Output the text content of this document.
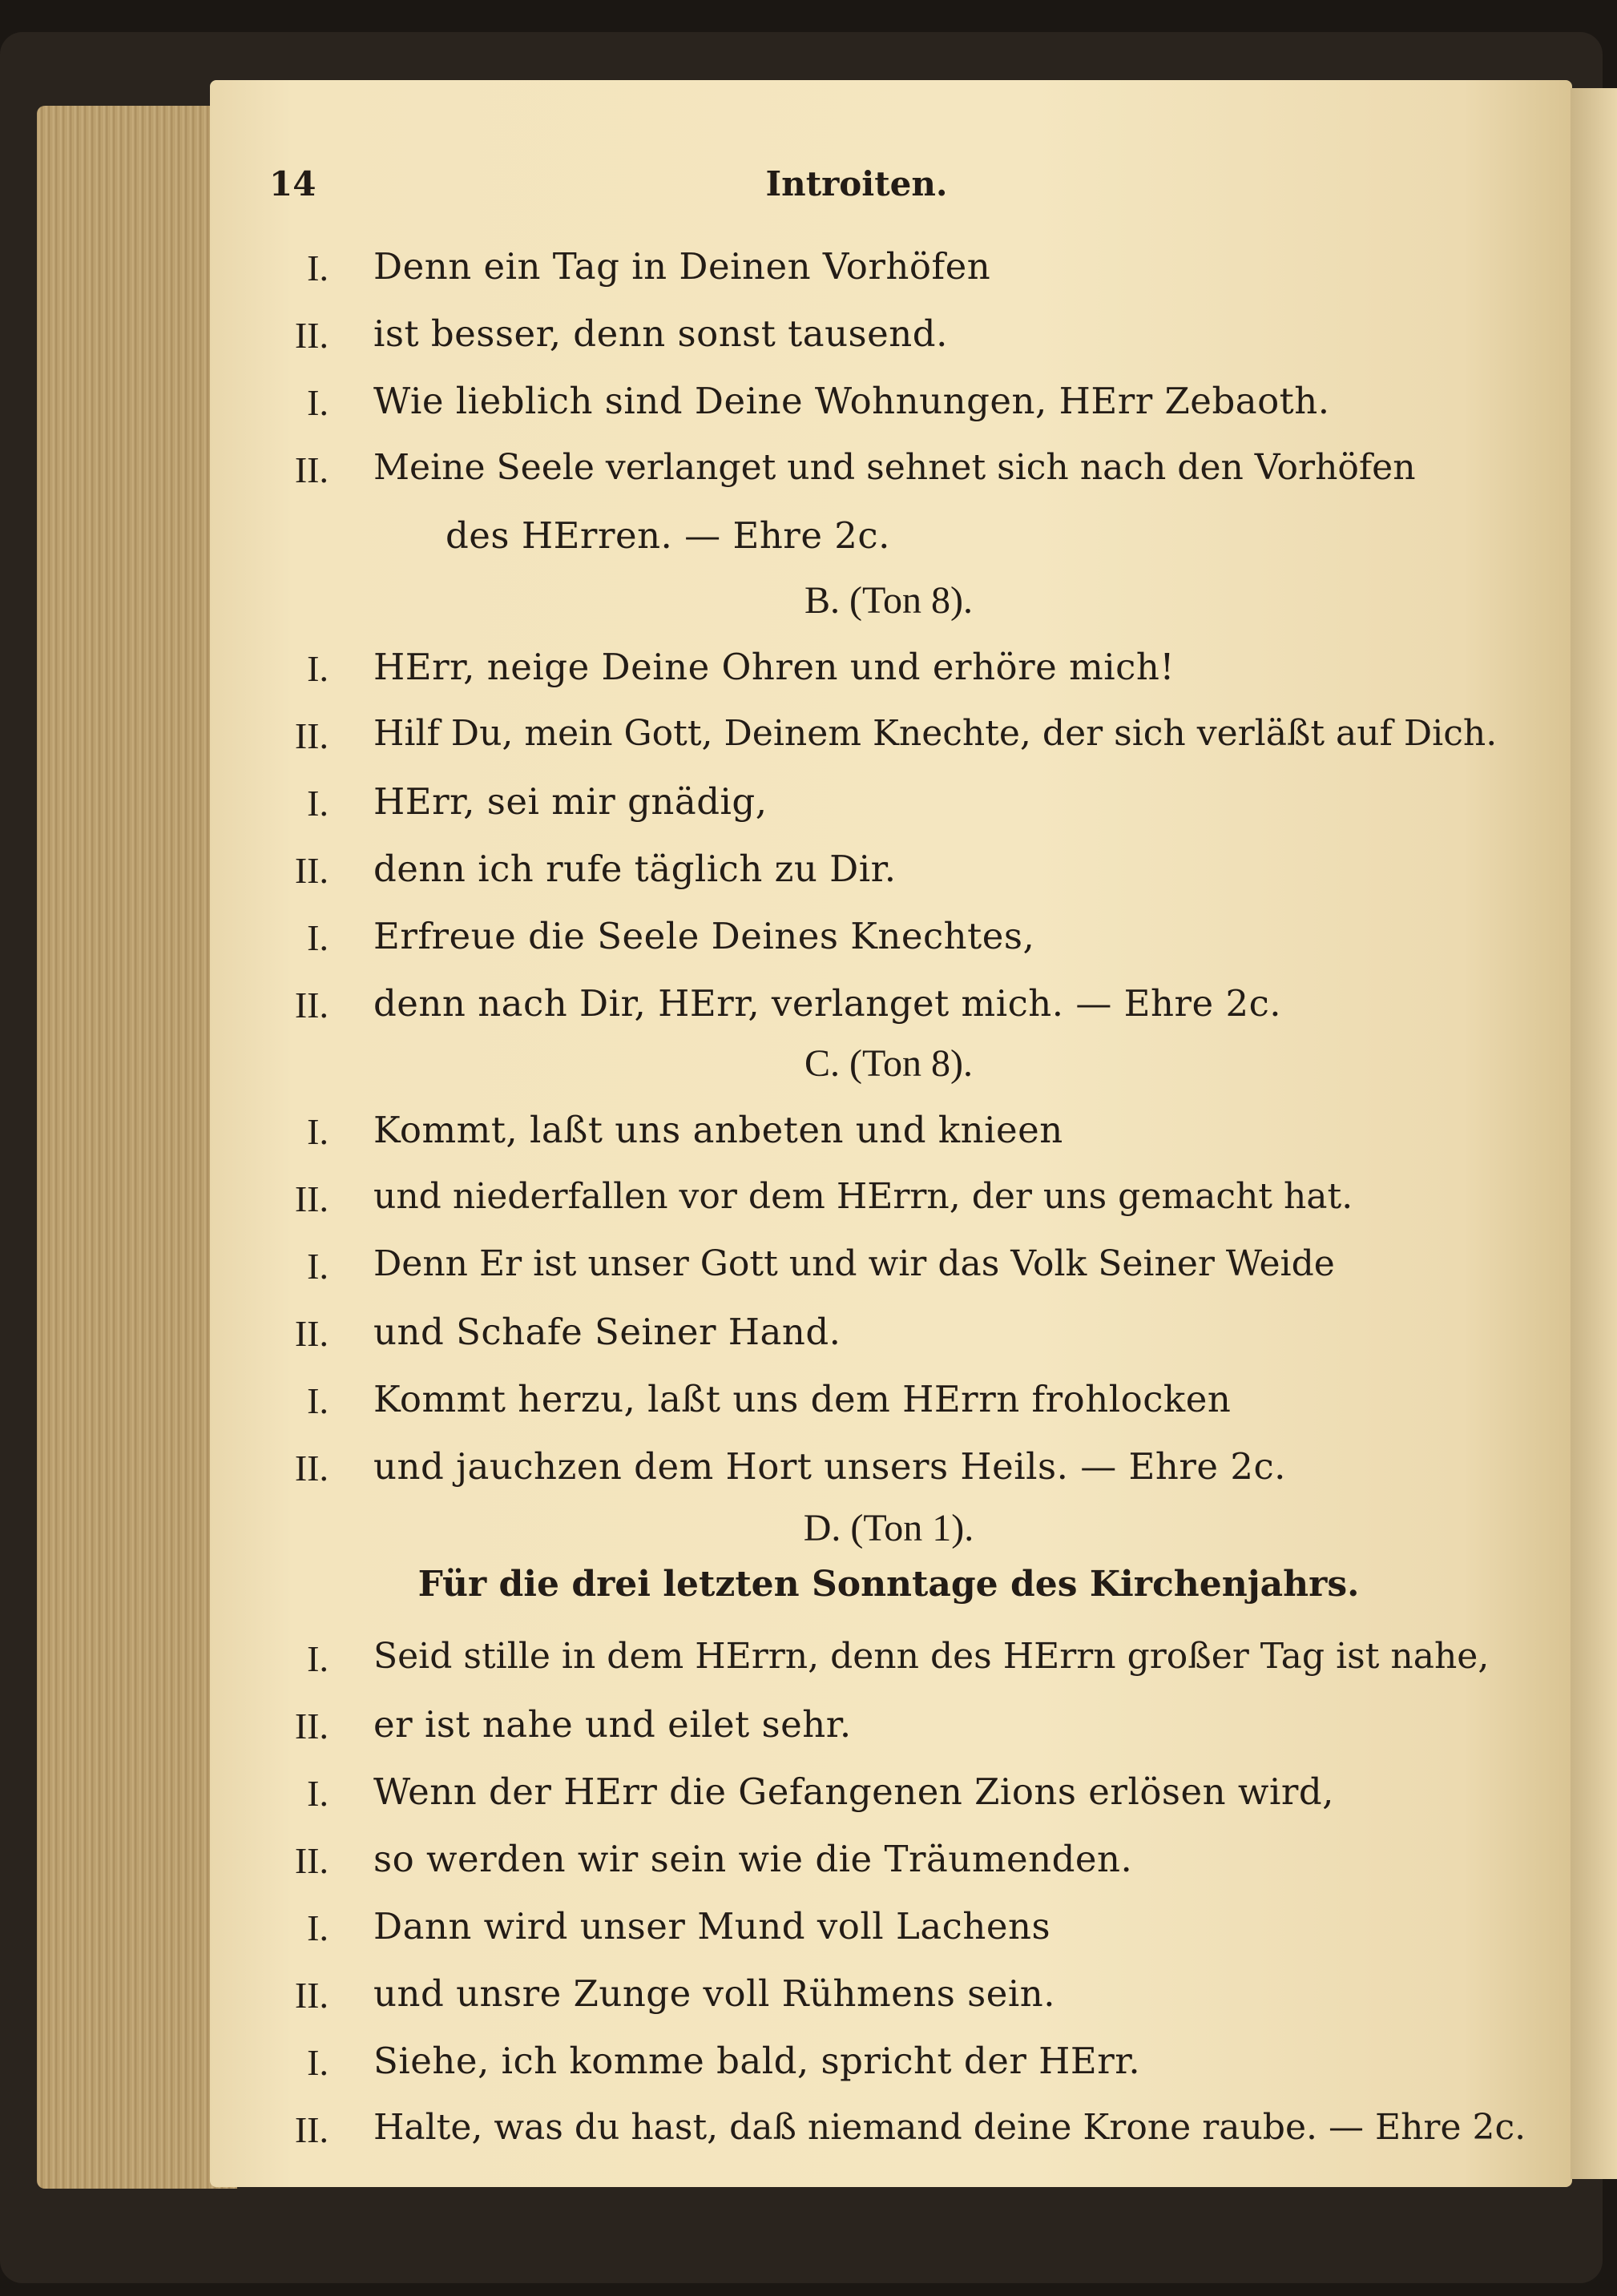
14	Introiten.
I. Denn ein Tag in Deinen Vorhöfen
II. ist besser, denn sonst tausend.
I. Wie lieblich sind Deine Wohnungen, HErr Zebaoth.
II. Meine Seele verlanget und sehnet sich nach den Vorhöfen
des HErren. — Ehre 2c.
B. (Ton 8).
I. HErr, neige Deine Ohren und erhöre mich!
II. Hilf Du, mein Gott, Deinem Knechte, der sich verläßt auf Dich.
I. HErr, sei mir gnädig,
II. denn ich rufe täglich zu Dir.
I. Erfreue die Seele Deines Knechtes,
II. denn nach Dir, HErr, verlanget mich. — Ehre 2c.
C. (Ton 8).
I. Kommt, laßt uns anbeten und knieen
II. und niederfallen vor dem HErrn, der uns gemacht hat.
I. Denn Er ist unser Gott und wir das Volk Seiner Weide
II. und Schafe Seiner Hand.
I. Kommt herzu, laßt uns dem HErrn frohlocken
II. und jauchzen dem Hort unsers Heils. — Ehre 2c.
D. (Ton 1).
Für die drei letzten Sonntage des Kirchenjahrs.
I. Seid stille in dem HErrn, denn des HErrn großer Tag ist nahe,
II. er ist nahe und eilet sehr.
I. Wenn der HErr die Gefangenen Zions erlösen wird,
II. so werden wir sein wie die Träumenden.
I. Dann wird unser Mund voll Lachens
II. und unsre Zunge voll Rühmens sein.
I. Siehe, ich komme bald, spricht der HErr.
II. Halte, was du hast, daß niemand deine Krone raube. — Ehre 2c.
